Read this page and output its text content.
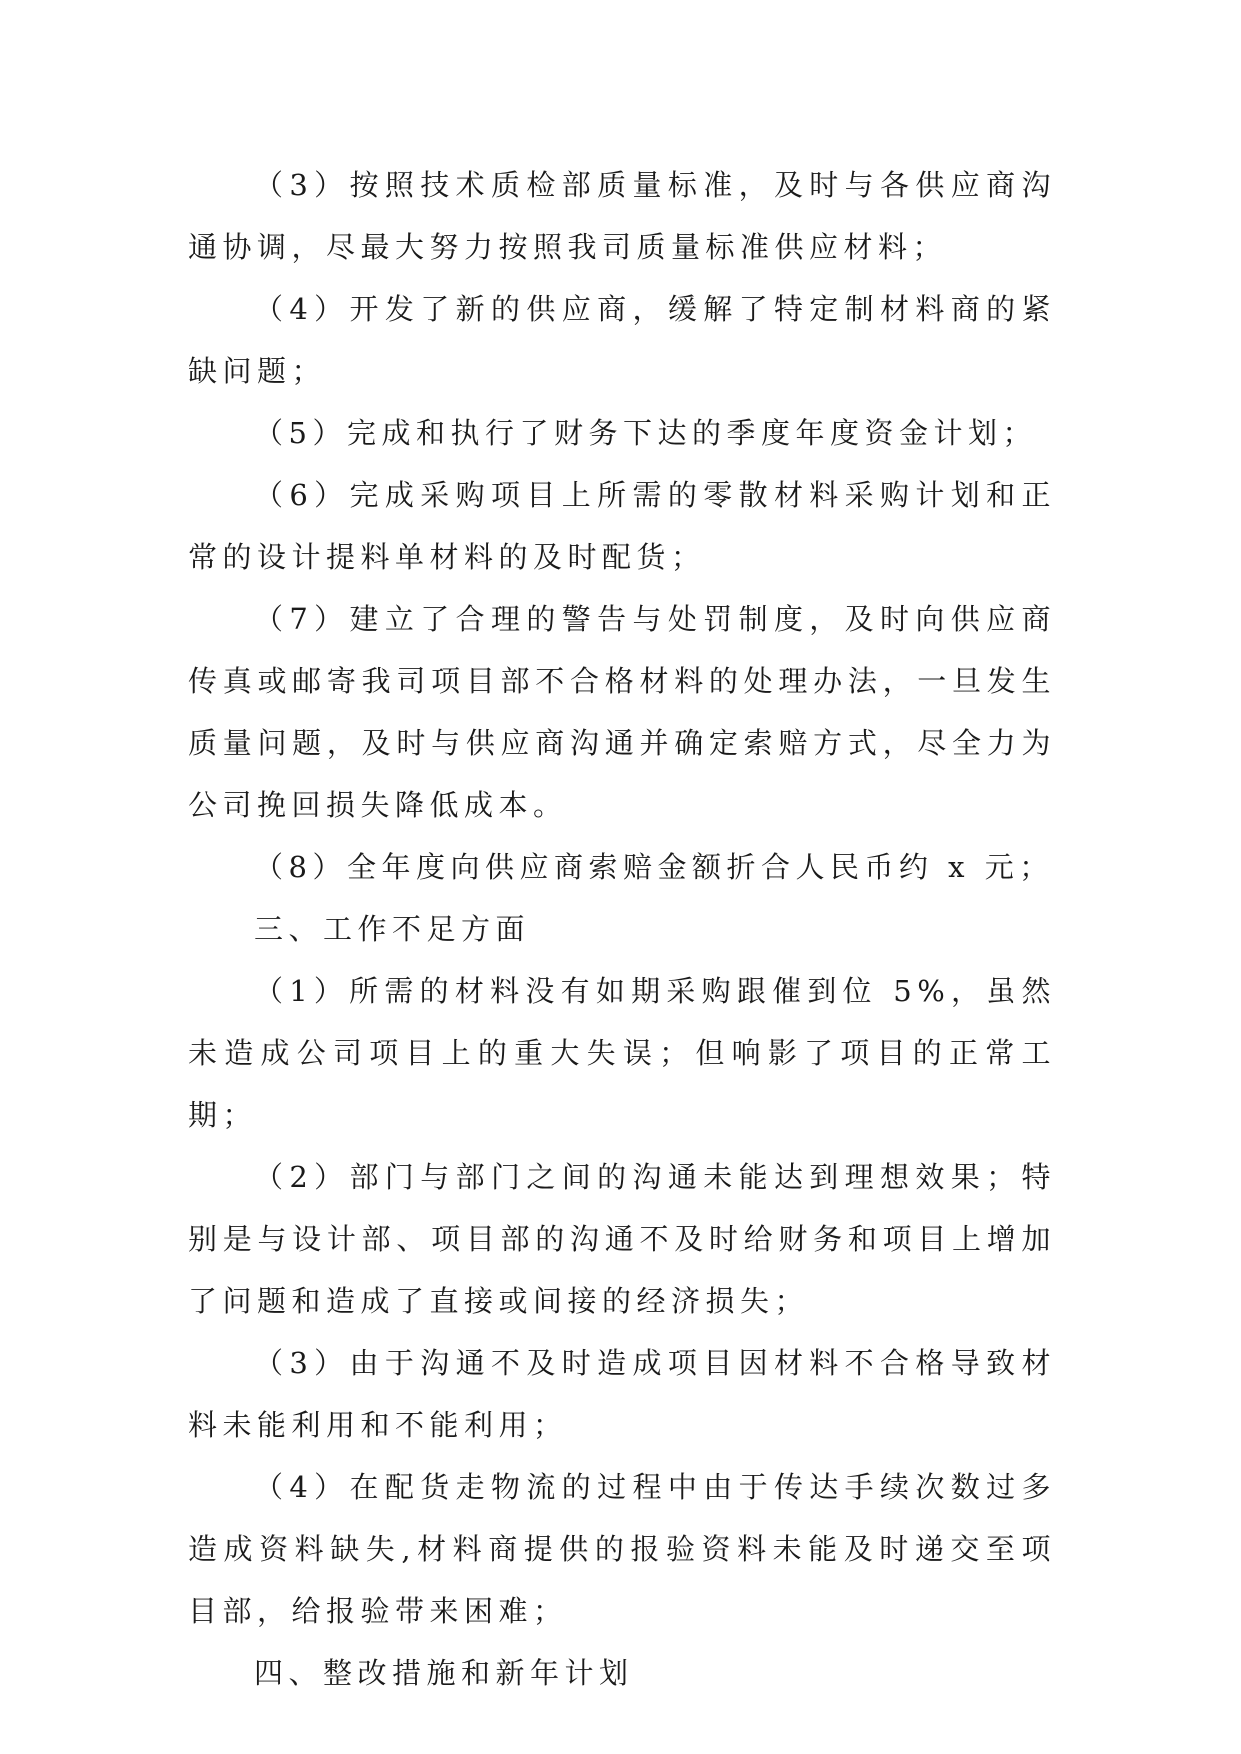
（3）按照技术质检部质量标准，及时与各供应商沟通协调，尽最大努力按照我司质量标准供应材料；

（4）开发了新的供应商，缓解了特定制材料商的紧缺问题；

（5）完成和执行了财务下达的季度年度资金计划；

（6）完成采购项目上所需的零散材料采购计划和正常的设计提料单材料的及时配货；

（7）建立了合理的警告与处罚制度，及时向供应商传真或邮寄我司项目部不合格材料的处理办法，一旦发生质量问题，及时与供应商沟通并确定索赔方式，尽全力为公司挽回损失降低成本。

（8）全年度向供应商索赔金额折合人民币约 x 元；

三、工作不足方面

（1）所需的材料没有如期采购跟催到位 5%，虽然未造成公司项目上的重大失误；但响影了项目的正常工期；

（2）部门与部门之间的沟通未能达到理想效果；特别是与设计部、项目部的沟通不及时给财务和项目上增加了问题和造成了直接或间接的经济损失；

（3）由于沟通不及时造成项目因材料不合格导致材料未能利用和不能利用；

（4）在配货走物流的过程中由于传达手续次数过多造成资料缺失,材料商提供的报验资料未能及时递交至项目部，给报验带来困难；

四、整改措施和新年计划
